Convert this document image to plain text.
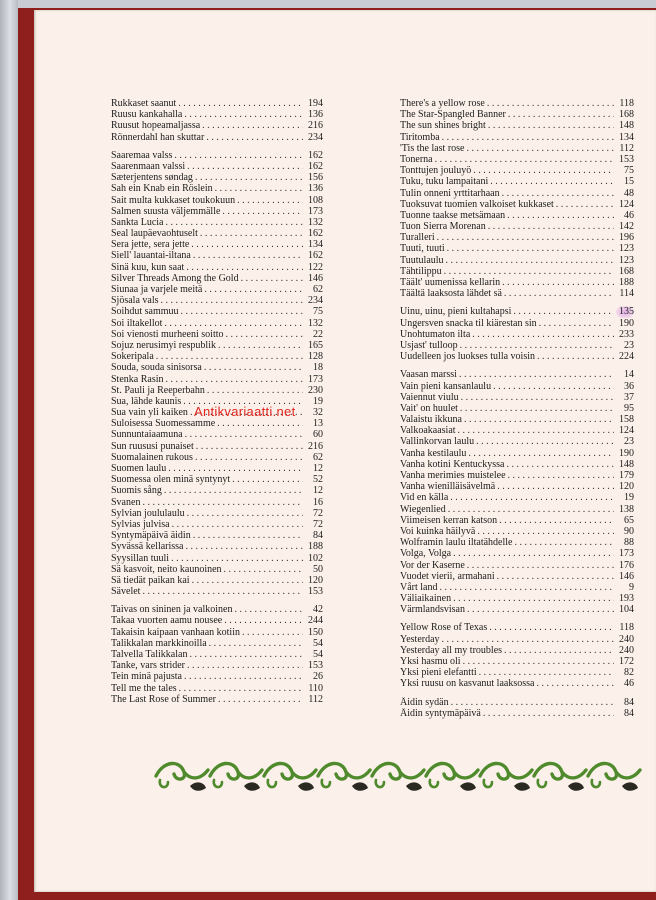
Rukkaset saanut . . .	194
Ruusu kankahalla . . .	136
Ruusut hopeamaljassa . . .	216
Rönnerdahl han skuttar . . .	234
Saaremaa valss . . .	162
Saarenmaan valssi . . .	162
Sæterjentens søndag . . .	156
Sah ein Knab ein Röslein . . .	136
Sait multa kukkaset toukokuun . . .	108
Salmen suusta väljemmälle . . .	173
Sankta Lucia . . .	132
Seal laupäevaohtuselt . . .	162
Sera jette, sera jette . . .	134
Siell' lauantai-iltana . . .	162
Sinä kuu, kun saat . . .	122
Silver Threads Among the Gold . . .	146
Siunaa ja varjele meitä . . .	62
Sjösala vals . . .	234
Soihdut sammuu . . .	75
Soi iltakellot . . .	132
Soi vienosti murheeni soitto . . .	22
Sojuz nerusimyi respublik . . .	165
Sokeripala . . .	128
Souda, souda sinisorsa . . .	18
Stenka Rasin . . .	173
St. Pauli ja Reeperbahn . . .	230
Sua, lähde kaunis . . .	19
Sua vain yli kaiken . . .	32
Suloisessa Suomessamme . . .	13
Sunnuntaiaamuna . . .	60
Sun ruususi punaiset . . .	216
Suomalainen rukous . . .	62
Suomen laulu . . .	12
Suomessa olen minä syntynyt . . .	52
Suomis sång . . .	12
Svanen . . .	16
Sylvian joululaulu . . .	72
Sylvias julvisa . . .	72
Syntymäpäivä äidin . . .	84
Syvässä kellarissa . . .	188
Syysillan tuuli . . .	102
Sä kasvoit, neito kaunoinen . . .	50
Sä tiedät paikan kai . . .	120
Sävelet . . .	153
Taivas on sininen ja valkoinen . . .	42
Takaa vuorten aamu nousee . . .	244
Takaisin kaipaan vanhaan kotiin . . .	150
Talikkalan markkinoilla . . .	54
Talvella Talikkalan . . .	54
Tanke, vars strider . . .	153
Tein minä pajusta . . .	26
Tell me the tales . . .	110
The Last Rose of Summer . . .	112
There's a yellow rose . . .	118
The Star-Spangled Banner . . .	168
The sun shines bright . . .	148
Tiritomba . . .	134
'Tis the last rose . . .	112
Tonerna . . .	153
Tonttujen jouluyö . . .	75
Tuku, tuku lampaitani . . .	15
Tulin onneni yrttitarhaan . . .	48
Tuoksuvat tuomien valkoiset kukkaset . . .	124
Tuonne taakse metsämaan . . .	46
Tuon Sierra Morenan . . .	142
Turalleri . . .	196
Tuuti, tuuti . . .	123
Tuutulaulu . . .	123
Tähtilippu . . .	168
Täält' uumenissa kellarin . . .	188
Täältä laaksosta lähdet sä . . .	114
Uinu, uinu, pieni kultahapsi . . .	135
Ungersven snacka til kiärestan sin . . .	190
Unohtumaton ilta . . .	233
Usjast' tulloop . . .	23
Uudelleen jos luokses tulla voisin . . .	224
Vaasan marssi . . .	14
Vain pieni kansanlaulu . . .	36
Vaiennut viulu . . .	37
Vait' on huulet . . .	95
Valaistu ikkuna . . .	158
Valkoakaasiat . . .	124
Vallinkorvan laulu . . .	23
Vanha kestilaulu . . .	190
Vanha kotini Kentuckyssa . . .	148
Vanha merimies muistelee . . .	179
Vanha wienilläisävelmä . . .	120
Vid en källa . . .	19
Wiegenlied . . .	138
Viimeisen kerran katson . . .	65
Voi kuinka häilyvä . . .	90
Wolframin laulu iltatähdelle . . .	88
Volga, Volga . . .	173
Vor der Kaserne . . .	176
Vuodet vierii, armahani . . .	146
Vårt land . . .	9
Väliaikainen . . .	193
Värmlandsvisan . . .	104
Yellow Rose of Texas . . .	118
Yesterday . . .	240
Yesterday all my troubles . . .	240
Yksi hasmu oli . . .	172
Yksi pieni elefantti . . .	82
Yksi ruusu on kasvanut laaksossa . . .	46
Äidin sydän . . .	84
Äidin syntymäpäivä . . .	84
Antikvariaatti.net
